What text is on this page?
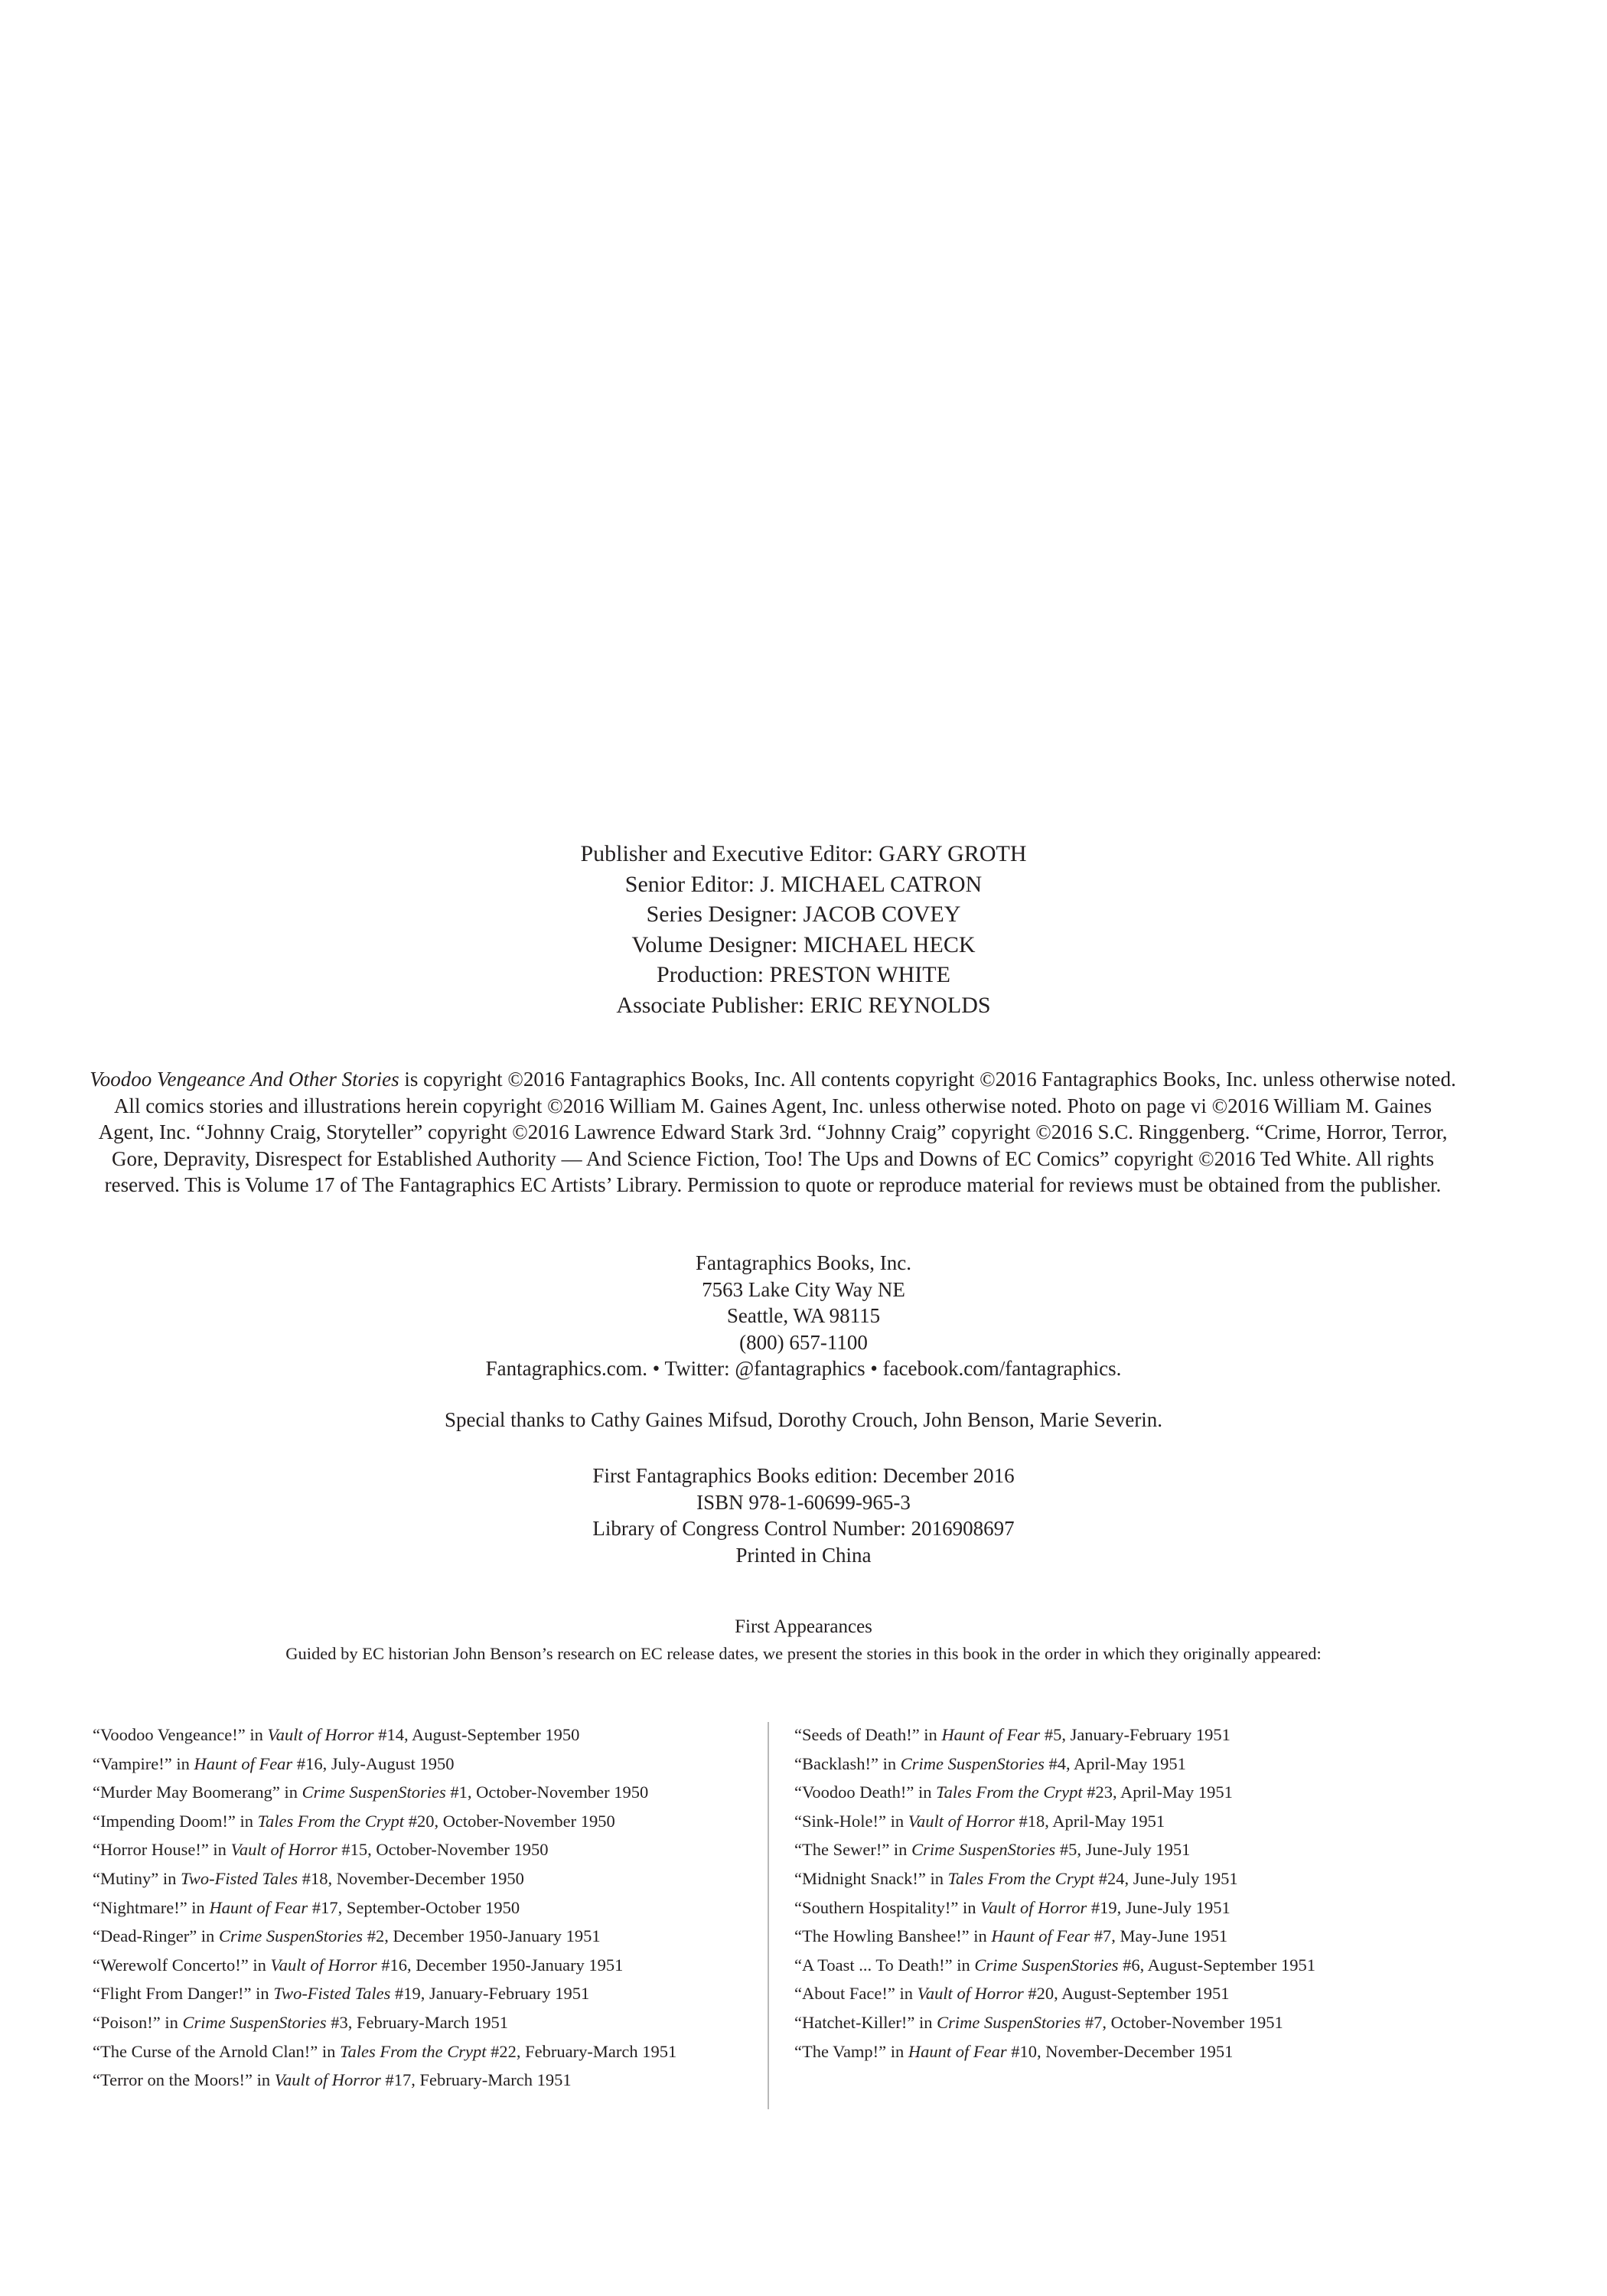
Publisher and Executive Editor: GARY GROTH
Senior Editor: J. MICHAEL CATRON
Series Designer: JACOB COVEY
Volume Designer: MICHAEL HECK
Production: PRESTON WHITE
Associate Publisher: ERIC REYNOLDS
Voodoo Vengeance And Other Stories is copyright ©2016 Fantagraphics Books, Inc. All contents copyright ©2016 Fantagraphics Books, Inc. unless otherwise noted. All comics stories and illustrations herein copyright ©2016 William M. Gaines Agent, Inc. unless otherwise noted. Photo on page vi ©2016 William M. Gaines Agent, Inc. “Johnny Craig, Storyteller” copyright ©2016 Lawrence Edward Stark 3rd. “Johnny Craig” copyright ©2016 S.C. Ringgenberg. “Crime, Horror, Terror, Gore, Depravity, Disrespect for Established Authority — And Science Fiction, Too! The Ups and Downs of EC Comics” copyright ©2016 Ted White. All rights reserved. This is Volume 17 of The Fantagraphics EC Artists’ Library. Permission to quote or reproduce material for reviews must be obtained from the publisher.
Fantagraphics Books, Inc.
7563 Lake City Way NE
Seattle, WA 98115
(800) 657-1100
Fantagraphics.com. • Twitter: @fantagraphics • facebook.com/fantagraphics.
Special thanks to Cathy Gaines Mifsud, Dorothy Crouch, John Benson, Marie Severin.
First Fantagraphics Books edition: December 2016
ISBN 978-1-60699-965-3
Library of Congress Control Number: 2016908697
Printed in China
First Appearances
Guided by EC historian John Benson’s research on EC release dates, we present the stories in this book in the order in which they originally appeared:
“Voodoo Vengeance!” in Vault of Horror #14, August-September 1950
“Vampire!” in Haunt of Fear #16, July-August 1950
“Murder May Boomerang” in Crime SuspenStories #1, October-November 1950
“Impending Doom!” in Tales From the Crypt #20, October-November 1950
“Horror House!” in Vault of Horror #15, October-November 1950
“Mutiny” in Two-Fisted Tales #18, November-December 1950
“Nightmare!” in Haunt of Fear #17, September-October 1950
“Dead-Ringer” in Crime SuspenStories #2, December 1950-January 1951
“Werewolf Concerto!” in Vault of Horror #16, December 1950-January 1951
“Flight From Danger!” in Two-Fisted Tales #19, January-February 1951
“Poison!” in Crime SuspenStories #3, February-March 1951
“The Curse of the Arnold Clan!” in Tales From the Crypt #22, February-March 1951
“Terror on the Moors!” in Vault of Horror #17, February-March 1951
“Seeds of Death!” in Haunt of Fear #5, January-February 1951
“Backlash!” in Crime SuspenStories #4, April-May 1951
“Voodoo Death!” in Tales From the Crypt #23, April-May 1951
“Sink-Hole!” in Vault of Horror #18, April-May 1951
“The Sewer!” in Crime SuspenStories #5, June-July 1951
“Midnight Snack!” in Tales From the Crypt #24, June-July 1951
“Southern Hospitality!” in Vault of Horror #19, June-July 1951
“The Howling Banshee!” in Haunt of Fear #7, May-June 1951
“A Toast ... To Death!” in Crime SuspenStories #6, August-September 1951
“About Face!” in Vault of Horror #20, August-September 1951
“Hatchet-Killer!” in Crime SuspenStories #7, October-November 1951
“The Vamp!” in Haunt of Fear #10, November-December 1951
